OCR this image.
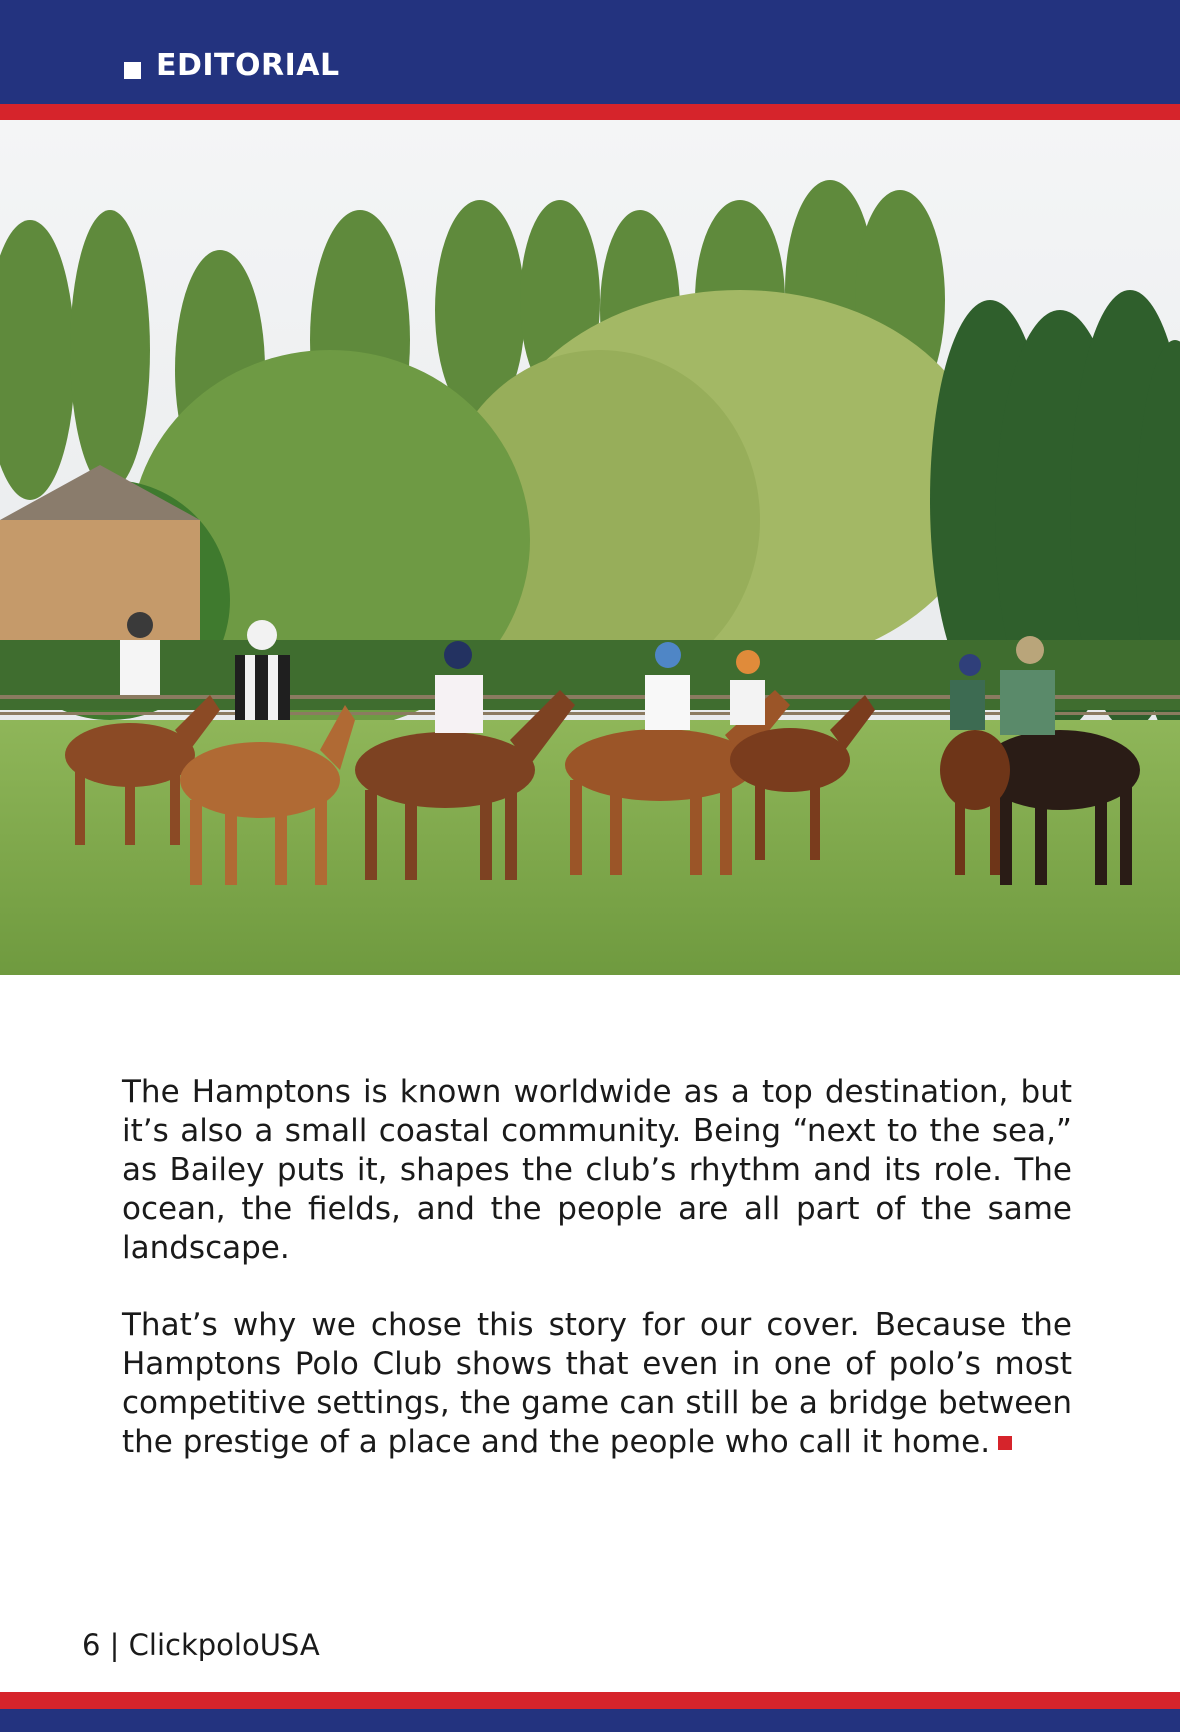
EDITORIAL

The Hamptons is known worldwide as a top destination, but it’s also a small coastal community. Being “next to the sea,” as Bailey puts it, shapes the club’s rhythm and its role. The ocean, the fields, and the people are all part of the same landscape.

That’s why we chose this story for our cover. Because the Hamptons Polo Club shows that even in one of polo’s most competitive settings, the game can still be a bridge between the prestige of a place and the people who call it home.

6 | ClickpoloUSA
